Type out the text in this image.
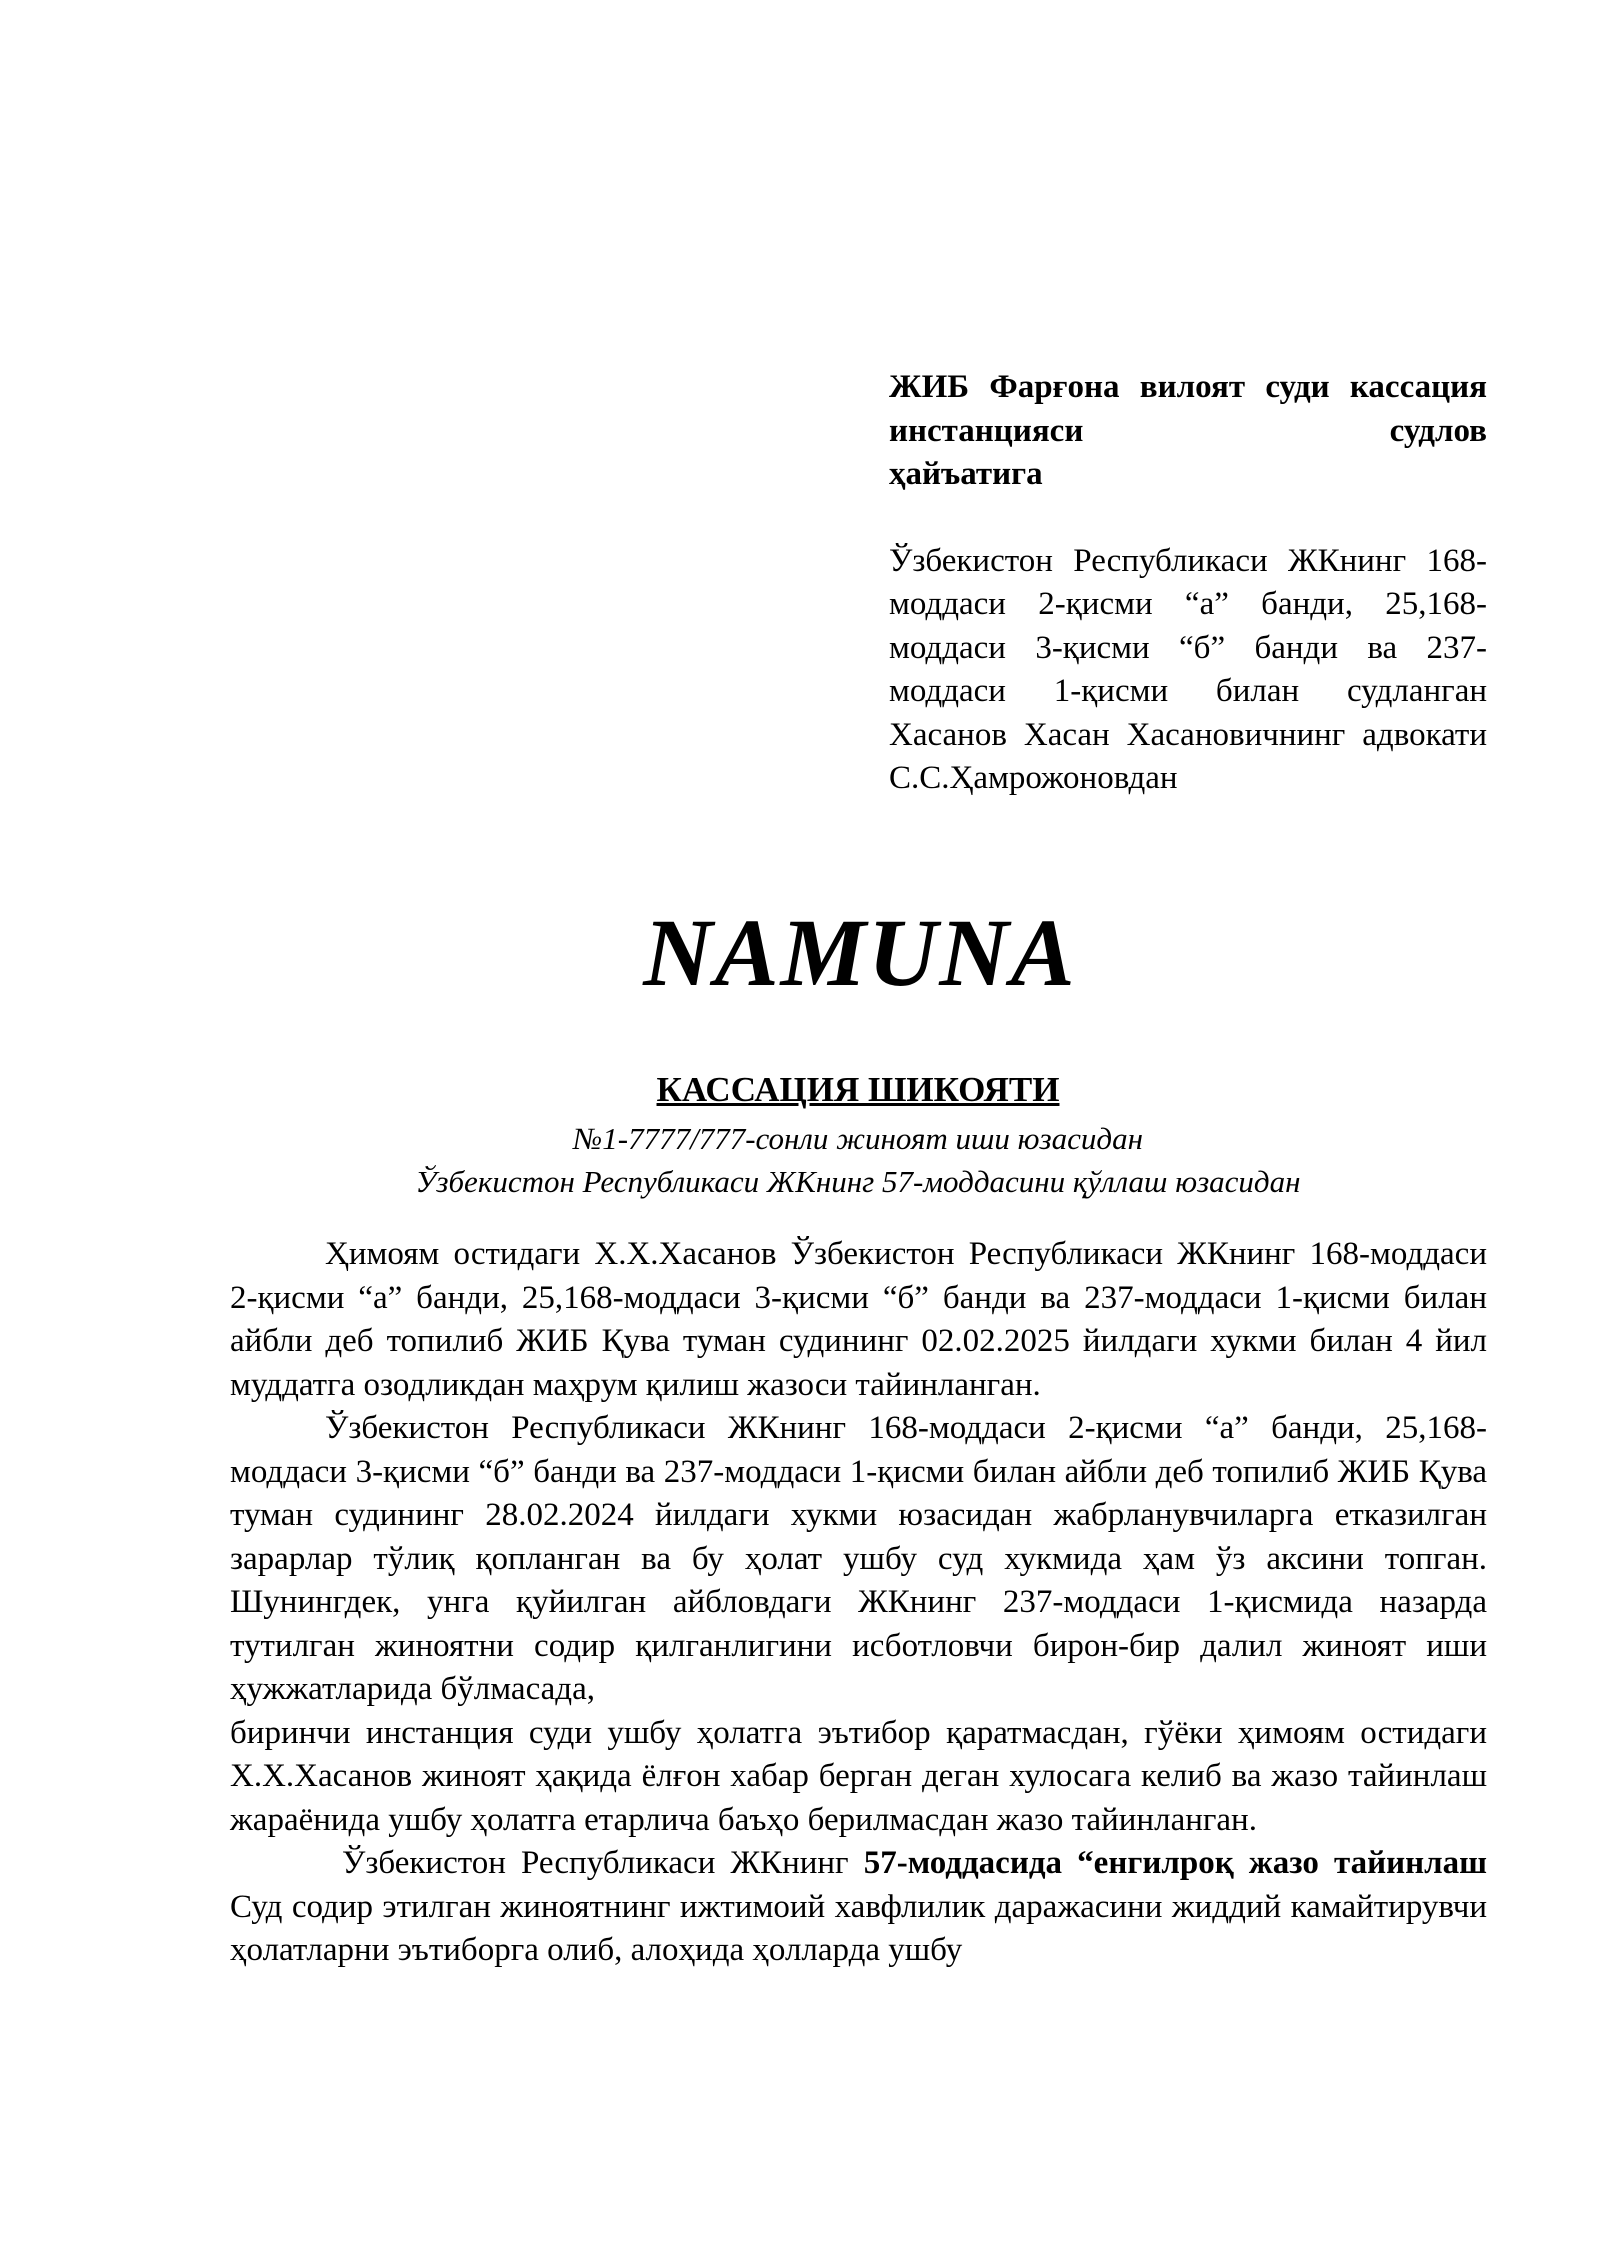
ЖИБ Фарғона вилоят суди кассация инстанцияси судлов

ҳайъатига

Ўзбекистон Республикаси ЖКнинг 168-моддаси 2-қисми “а” банди, 25,168-моддаси 3-қисми “б” банди ва 237-моддаси 1-қисми билан судланган Хасанов Хасан Хасановичнинг адвокати

С.С.Ҳамрожоновдан

NAMUNA
КАССАЦИЯ ШИКОЯТИ
№1-7777/777-сонли жиноят иши юзасидан
Ўзбекистон Республикаси ЖКнинг 57-моддасини қўллаш юзасидан

Ҳимоям остидаги Х.Х.Хасанов Ўзбекистон Республикаси ЖКнинг 168-моддаси 2-қисми “а” банди, 25,168-моддаси 3-қисми “б” банди ва 237-моддаси 1-қисми билан айбли деб топилиб ЖИБ Қува туман судининг 02.02.2025 йилдаги хукми билан 4 йил муддатга озодликдан маҳрум қилиш жазоси тайинланган.

Ўзбекистон Республикаси ЖКнинг 168-моддаси 2-қисми “а” банди, 25,168-моддаси 3-қисми “б” банди ва 237-моддаси 1-қисми билан айбли деб топилиб ЖИБ Қува туман судининг 28.02.2024 йилдаги хукми юзасидан жабрланувчиларга етказилган зарарлар тўлиқ қопланган ва бу ҳолат ушбу суд хукмида ҳам ўз аксини топган. Шунингдек, унга қуйилган айбловдаги ЖКнинг 237-моддаси 1-қисмида назарда тутилган жиноятни содир қилганлигини исботловчи бирон-бир далил жиноят иши ҳужжатларида бўлмасада,

биринчи инстанция суди ушбу ҳолатга эътибор қаратмасдан, гўёки ҳимоям остидаги Х.Х.Хасанов жиноят ҳақида ёлғон хабар берган деган хулосага келиб ва жазо тайинлаш жараёнида ушбу ҳолатга етарлича баъҳо берилмасдан жазо тайинланган.

Ўзбекистон Республикаси ЖКнинг 57-моддасида “енгилроқ жазо тайинлаш Суд содир этилган жиноятнинг ижтимоий хавфлилик даражасини жиддий камайтирувчи ҳолатларни эътиборга олиб, алоҳида ҳолларда ушбу
